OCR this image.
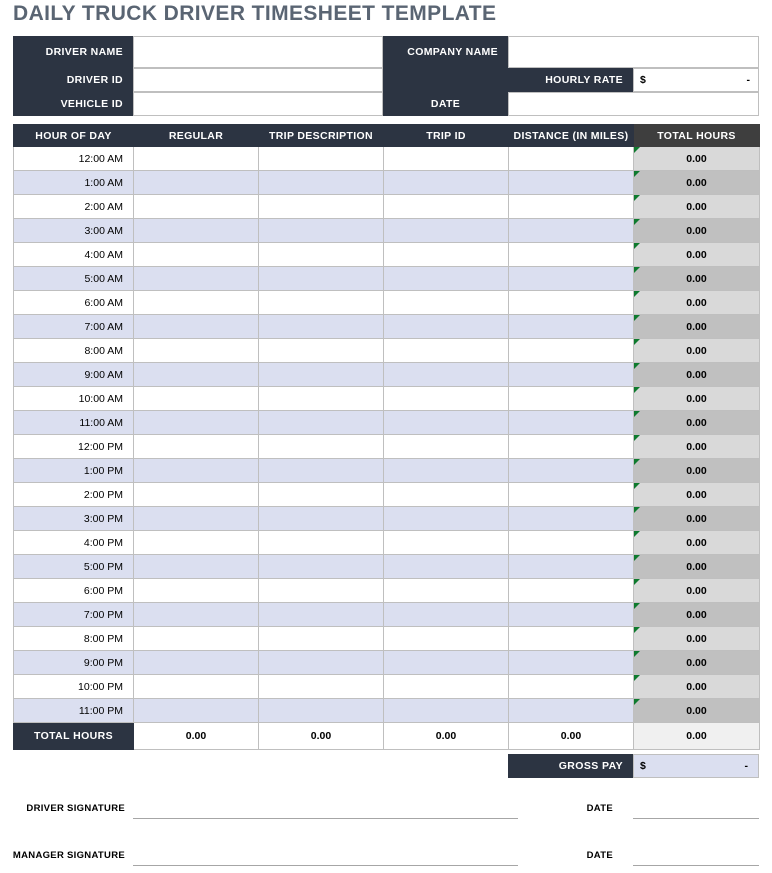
DAILY TRUCK DRIVER TIMESHEET TEMPLATE
DRIVER NAME	COMPANY NAME
DRIVER ID	HOURLY RATE	$	-
VEHICLE ID	DATE
HOUR OF DAY	REGULAR	TRIP DESCRIPTION	TRIP ID	DISTANCE (IN MILES)	TOTAL HOURS
12:00 AM					0.00

1:00 AM					0.00

2:00 AM					0.00

3:00 AM					0.00

4:00 AM					0.00

5:00 AM					0.00

6:00 AM					0.00

7:00 AM					0.00

8:00 AM					0.00

9:00 AM					0.00

10:00 AM					0.00

11:00 AM					0.00

12:00 PM					0.00

1:00 PM					0.00

2:00 PM					0.00

3:00 PM					0.00

4:00 PM					0.00

5:00 PM					0.00

6:00 PM					0.00

7:00 PM					0.00

8:00 PM					0.00

9:00 PM					0.00

10:00 PM					0.00

11:00 PM					0.00

TOTAL HOURS	0.00	0.00	0.00	0.00	0.00
GROSS PAY	$	-
DRIVER SIGNATURE	DATE
MANAGER SIGNATURE	DATE
